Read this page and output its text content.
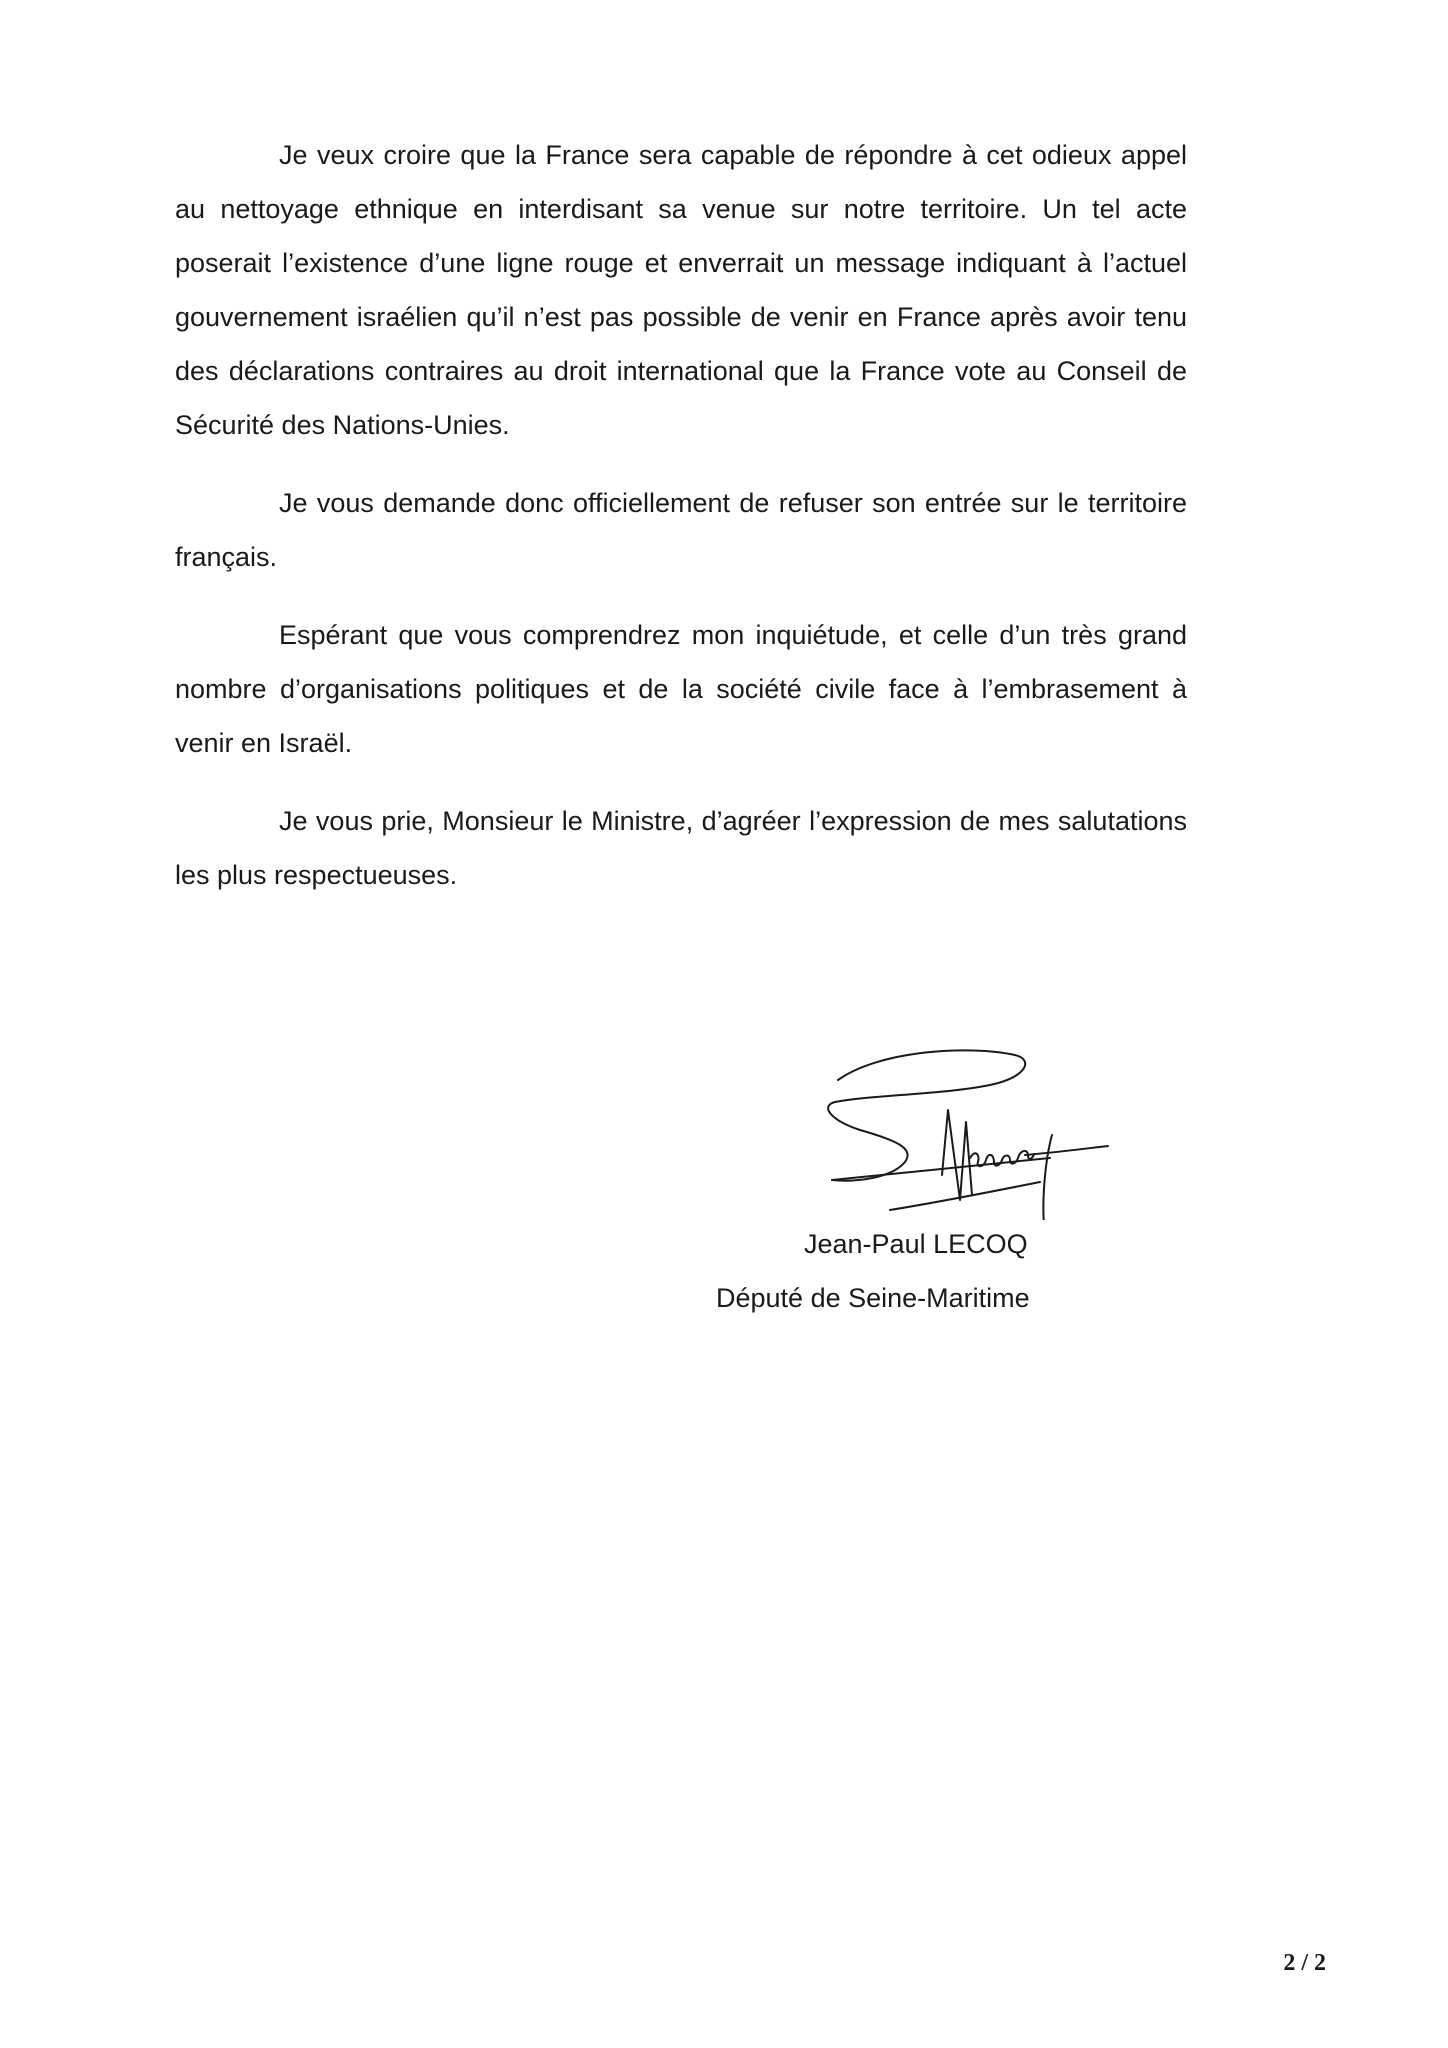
Je veux croire que la France sera capable de répondre à cet odieux appel au nettoyage ethnique en interdisant sa venue sur notre territoire. Un tel acte poserait l’existence d’une ligne rouge et enverrait un message indiquant à l’actuel gouvernement israélien qu’il n’est pas possible de venir en France après avoir tenu des déclarations contraires au droit international que la France vote au Conseil de Sécurité des Nations-Unies.

Je vous demande donc officiellement de refuser son entrée sur le territoire français.

Espérant que vous comprendrez mon inquiétude, et celle d’un très grand nombre d’organisations politiques et de la société civile face à l’embrasement à venir en Israël.

Je vous prie, Monsieur le Ministre, d’agréer l’expression de mes salutations les plus respectueuses.

Jean-Paul LECOQ
Député de Seine-Maritime
2 / 2
